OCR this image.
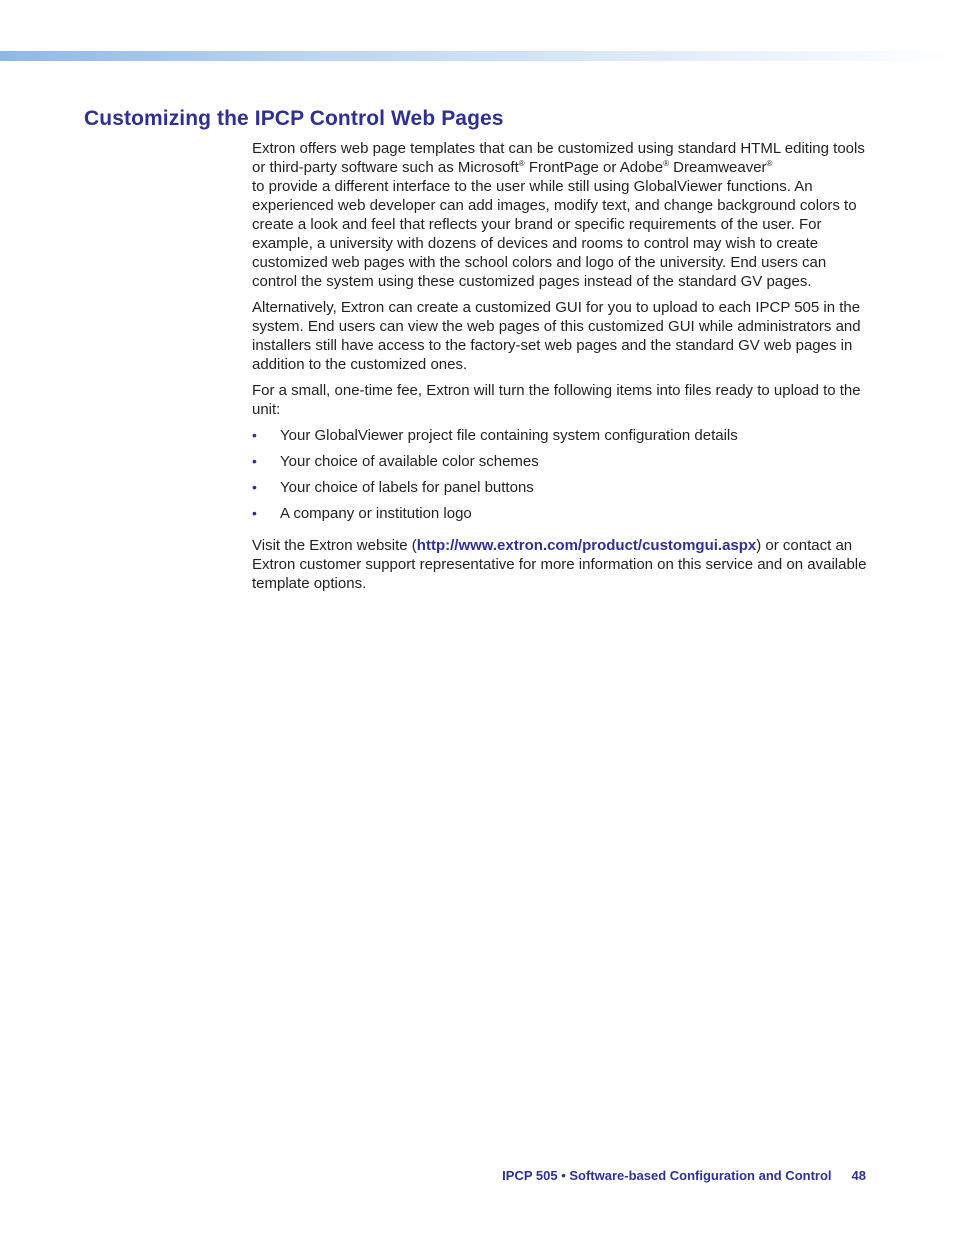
Customizing the IPCP Control Web Pages

Extron offers web page templates that can be customized using standard HTML editing tools or third-party software such as Microsoft® FrontPage or Adobe® Dreamweaver®
to provide a different interface to the user while still using GlobalViewer functions. An experienced web developer can add images, modify text, and change background colors to create a look and feel that reflects your brand or specific requirements of the user. For example, a university with dozens of devices and rooms to control may wish to create customized web pages with the school colors and logo of the university. End users can control the system using these customized pages instead of the standard GV pages.

Alternatively, Extron can create a customized GUI for you to upload to each IPCP 505 in the system. End users can view the web pages of this customized GUI while administrators and installers still have access to the factory-set web pages and the standard GV web pages in addition to the customized ones.

For a small, one-time fee, Extron will turn the following items into files ready to upload to the unit:

• Your GlobalViewer project file containing system configuration details
• Your choice of available color schemes
• Your choice of labels for panel buttons
• A company or institution logo

Visit the Extron website (http://www.extron.com/product/customgui.aspx) or contact an Extron customer support representative for more information on this service and on available template options.

IPCP 505 • Software-based Configuration and Control 48
